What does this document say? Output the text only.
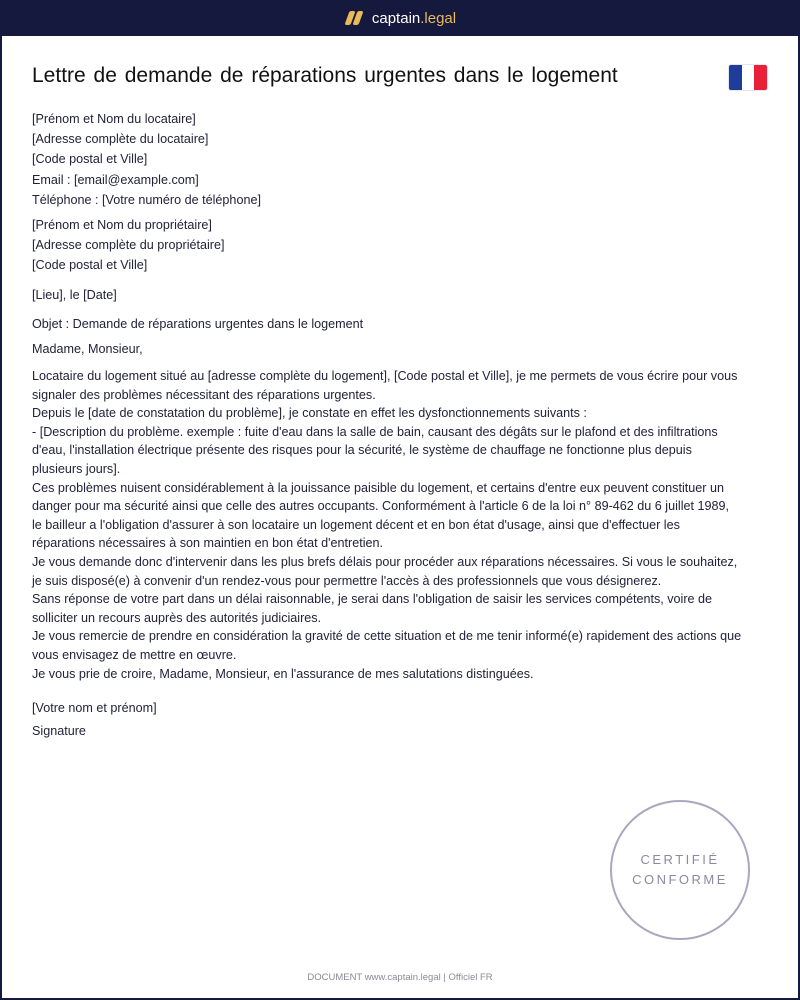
captain.legal
Lettre de demande de réparations urgentes dans le logement
[Prénom et Nom du locataire]
[Adresse complète du locataire]
[Code postal et Ville]
Email : [email@example.com]
Téléphone : [Votre numéro de téléphone]
[Prénom et Nom du propriétaire]
[Adresse complète du propriétaire]
[Code postal et Ville]
[Lieu], le [Date]
Objet : Demande de réparations urgentes dans le logement
Madame, Monsieur,

Locataire du logement situé au [adresse complète du logement], [Code postal et Ville], je me permets de vous écrire pour vous signaler des problèmes nécessitant des réparations urgentes.

Depuis le [date de constatation du problème], je constate en effet les dysfonctionnements suivants :

- [Description du problème. exemple : fuite d'eau dans la salle de bain, causant des dégâts sur le plafond et des infiltrations d'eau, l'installation électrique présente des risques pour la sécurité, le système de chauffage ne fonctionne plus depuis plusieurs jours].

Ces problèmes nuisent considérablement à la jouissance paisible du logement, et certains d'entre eux peuvent constituer un danger pour ma sécurité ainsi que celle des autres occupants. Conformément à l'article 6 de la loi n° 89-462 du 6 juillet 1989, le bailleur a l'obligation d'assurer à son locataire un logement décent et en bon état d'usage, ainsi que d'effectuer les réparations nécessaires à son maintien en bon état d'entretien.

Je vous demande donc d'intervenir dans les plus brefs délais pour procéder aux réparations nécessaires. Si vous le souhaitez, je suis disposé(e) à convenir d'un rendez-vous pour permettre l'accès à des professionnels que vous désignerez.

Sans réponse de votre part dans un délai raisonnable, je serai dans l'obligation de saisir les services compétents, voire de solliciter un recours auprès des autorités judiciaires.

Je vous remercie de prendre en considération la gravité de cette situation et de me tenir informé(e) rapidement des actions que vous envisagez de mettre en œuvre.

Je vous prie de croire, Madame, Monsieur, en l'assurance de mes salutations distinguées.

[Votre nom et prénom]
Signature
CERTIFIÉ
CONFORME
DOCUMENT www.captain.legal | Officiel FR
